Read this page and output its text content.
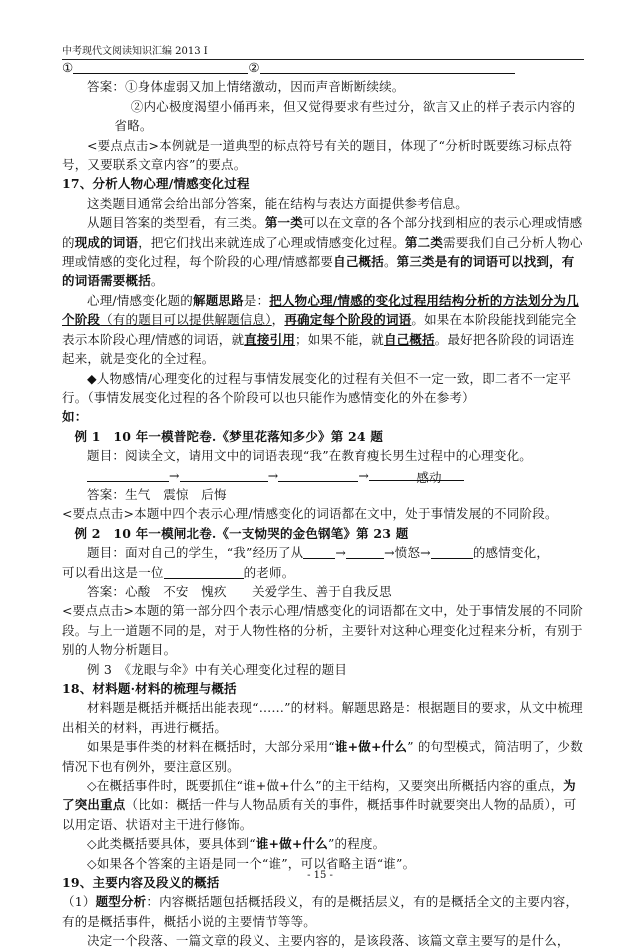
中考现代文阅读知识汇编 2013 Ⅰ

①	②

答案：①身体虚弱又加上情绪激动，因而声音断断续续。

②内心极度渴望小俑再来，但又觉得要求有些过分，欲言又止的样子表示内容的省略。

<要点点击>本例就是一道典型的标点符号有关的题目，体现了“分析时既要练习标点符号，又要联系文章内容”的要点。

17、分析人物心理/情感变化过程

这类题目通常会给出部分答案，能在结构与表达方面提供参考信息。

从题目答案的类型看，有三类。第一类可以在文章的各个部分找到相应的表示心理或情感的现成的词语，把它们找出来就连成了心理或情感变化过程。第二类需要我们自己分析人物心理或情感的变化过程，每个阶段的心理/情感都要自己概括。第三类是有的词语可以找到，有的词语需要概括。

心理/情感变化题的解题思路是：把人物心理/情感的变化过程用结构分析的方法划分为几个阶段（有的题目可以提供解题信息），再确定每个阶段的词语。如果在本阶段能找到能完全表示本阶段心理/情感的词语，就直接引用；如果不能，就自己概括。最好把各阶段的词语连起来，就是变化的全过程。

◆人物感情/心理变化的过程与事情发展变化的过程有关但不一定一致，即二者不一定平行。（事情发展变化过程的各个阶段可以也只能作为感情变化的外在参考）

如：

例 1　10 年一模普陀卷.《梦里花落知多少》第 24 题

题目：阅读全文，请用文中的词语表现“我”在教育瘦长男生过程中的心理变化。

→	→	→	感动

答案：生气　震惊　后悔

<要点点击>本题中四个表示心理/情感变化的词语都在文中，处于事情发展的不同阶段。

例 2　10 年一模闸北卷.《一支恸哭的金色钢笔》第 23 题

题目：面对自己的学生，“我”经历了从	→	→愤怒→	的感情变化，

可以看出这是一位	的老师。

答案：心酸　不安　愧疚　　关爱学生、善于自我反思

<要点点击>本题的第一部分四个表示心理/情感变化的词语都在文中，处于事情发展的不同阶段。与上一道题不同的是，对于人物性格的分析，主要针对这种心理变化过程来分析，有别于别的人物分析题目。

例 3　《龙眼与伞》中有关心理变化过程的题目

18、材料题·材料的梳理与概括

材料题是概括并概括出能表现“……”的材料。解题思路是：根据题目的要求，从文中梳理出相关的材料，再进行概括。

如果是事件类的材料在概括时，大部分采用“谁+做+什么” 的句型模式，简洁明了，少数情况下也有例外，要注意区别。

◇在概括事件时，既要抓住“谁+做+什么”的主干结构，又要突出所概括内容的重点，为了突出重点（比如：概括一件与人物品质有关的事件，概括事件时就要突出人物的品质），可以用定语、状语对主干进行修饰。

◇此类概括要具体，要具体到“谁+做+什么”的程度。

◇如果各个答案的主语是同一个“谁”，可以省略主语“谁”。

19、主要内容及段义的概括

（1）题型分析：内容概括题包括概括段义，有的是概括层义，有的是概括全文的主要内容，有的是概括事件，概括小说的主要情节等等。

决定一个段落、一篇文章的段义、主要内容的，是该段落、该篇文章主要写的是什么，

- 15 -
